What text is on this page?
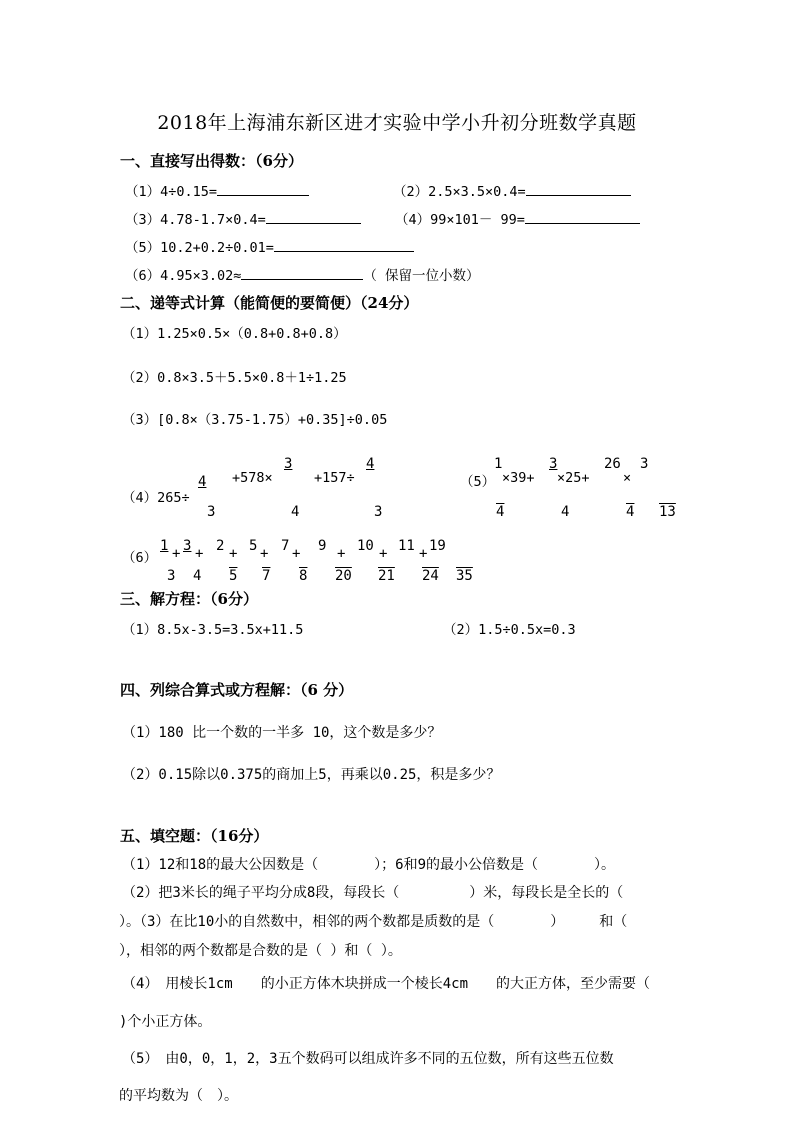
2018年上海浦东新区进才实验中学小升初分班数学真题
一、直接写出得数：（6分）
（1）4÷0.15=	（2）2.5×3.5×0.4=
（3）4.78-1.7×0.4=	（4）99×101－ 99=
（5）10.2+0.2÷0.01=
（6）4.95×3.02≈	（ 保留一位小数）
二、递等式计算（能简便的要简便）（24分）
（1）1.25×0.5×（0.8+0.8+0.8）
（2）0.8×3.5＋5.5×0.8＋1÷1.25
（3）[0.8×（3.75-1.75）+0.35]÷0.05
（4）265÷
4
3
+578×
3
4
+157÷
4
3
（5）
1
4
×39+
3
4
×25+
26
4
×
3
13
（6）
1
3
+ 3
4
+ 2
5
+ 5
7
+ 7
8
+ 9
20
+ 10
21
+ 11
24
+ 19
35
三、解方程：（6分）
（1）8.5x-3.5=3.5x+11.5	（2）1.5÷0.5x=0.3
四、列综合算式或方程解：（6 分）
（1）180 比一个数的一半多 10，这个数是多少？
（2）0.15除以0.375的商加上5，再乘以0.25，积是多少？
五、填空题：（16分）
（1）12和18的最大公因数是（　　　　）；6和9的最小公倍数是（　　　　）。
（2）把3米长的绳子平均分成8段，每段长（　　　　　）米，每段长是全长的（
）。（3）在比10小的自然数中，相邻的两个数都是质数的是（　　　　）　　　和（
），相邻的两个数都是合数的是（ ）和（ ）。
（4）　用棱长1cm　　的小正方体木块拼成一个棱长4cm　　的大正方体，至少需要（
)个小正方体。
（5）　由0，0，1，2，3五个数码可以组成许多不同的五位数，所有这些五位数
的平均数为（　）。
